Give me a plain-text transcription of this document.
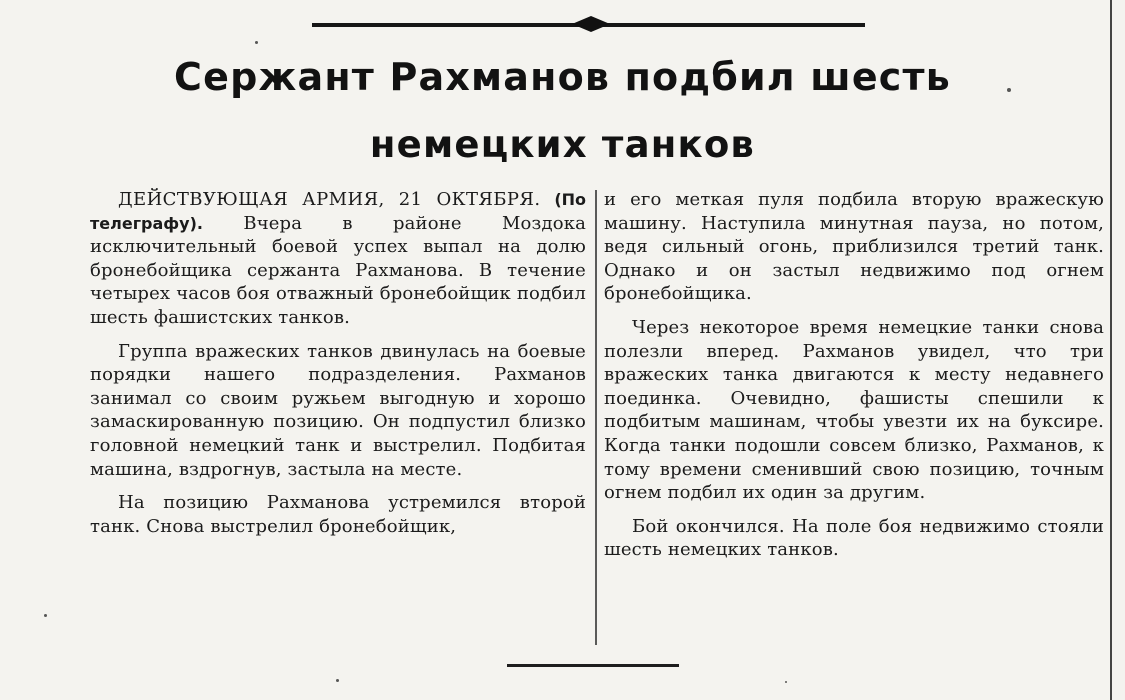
Сержант Рахманов подбил шесть
немецких танков

ДЕЙСТВУЮЩАЯ АРМИЯ, 21 ОКТЯБРЯ. (По телеграфу). Вчера в районе Моздока исключительный боевой успех выпал на долю бронебойщика сержанта Рахманова. В течение четырех часов боя отважный бронебойщик подбил шесть фашистских танков.

Группа вражеских танков двинулась на боевые порядки нашего подразделения. Рахманов занимал со своим ружьем выгодную и хорошо замаскированную позицию. Он подпустил близко головной немецкий танк и выстрелил. Подбитая машина, вздрогнув, застыла на месте.

На позицию Рахманова устремился второй танк. Снова выстрелил бронебойщик,

и его меткая пуля подбила вторую вражескую машину. Наступила минутная пауза, но потом, ведя сильный огонь, приблизился третий танк. Однако и он застыл недвижимо под огнем бронебойщика.

Через некоторое время немецкие танки снова полезли вперед. Рахманов увидел, что три вражеских танка двигаются к месту недавнего поединка. Очевидно, фашисты спешили к подбитым машинам, чтобы увезти их на буксире. Когда танки подошли совсем близко, Рахманов, к тому времени сменивший свою позицию, точным огнем подбил их один за другим.

Бой окончился. На поле боя недвижимо стояли шесть немецких танков.
